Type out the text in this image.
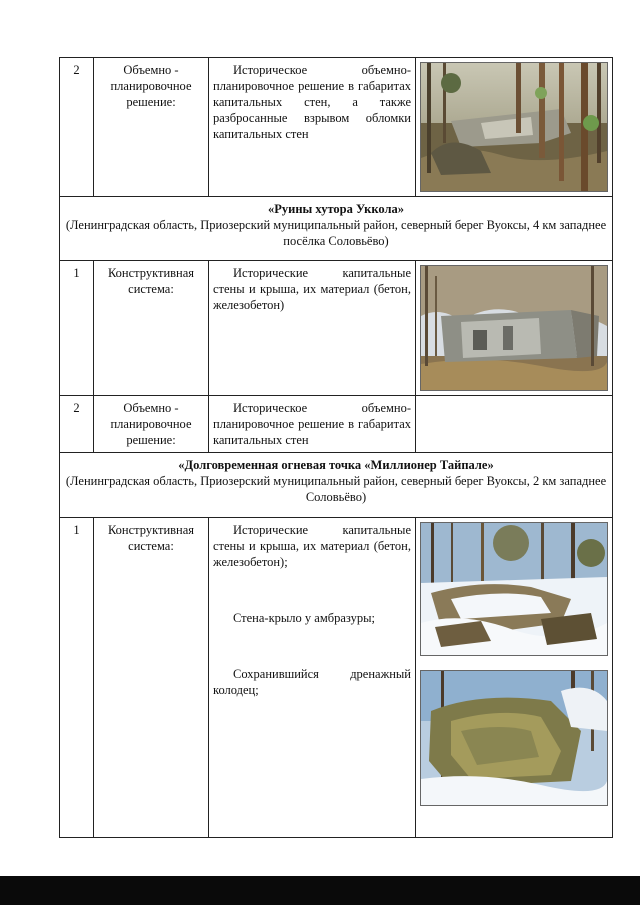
2	Объемно - планировочное решение:	Историческое объемно-планировочное решение в габаритах капитальных стен, а также разбросанные взрывом обломки капитальных стен

«Руины хутора Уккола»
(Ленинградская область, Приозерский муниципальный район, северный берег Вуоксы, 4 км западнее посёлка Соловьёво)			

1	Конструктивная система:	Исторические капитальные стены и крыша, их материал (бетон, железобетон)

2	Объемно - планировочное решение:	Историческое объемно-планировочное решение в габаритах капитальных стен	

«Долговременная огневая точка «Миллионер Тайпале»
(Ленинградская область, Приозерский муниципальный район, северный берег Вуоксы, 2 км западнее Соловьёво)			

1	Конструктивная система:	Исторические капитальные стены и крыша, их материал (бетон, железобетон);
Стена-крыло у амбразуры;
Сохранившийся дренажный колодец;
